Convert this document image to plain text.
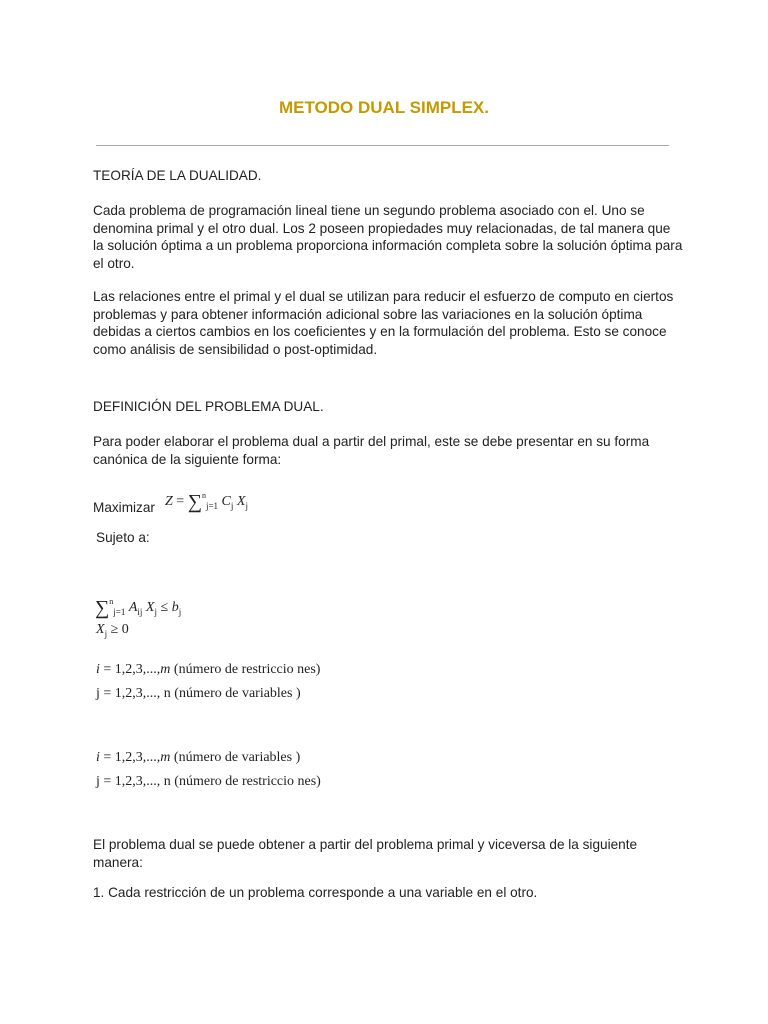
METODO DUAL SIMPLEX.

TEORÍA DE LA DUALIDAD.

Cada problema de programación lineal tiene un segundo problema asociado con el. Uno se denomina primal y el otro dual. Los 2 poseen propiedades muy relacionadas, de tal manera que la solución óptima a un problema proporciona información completa sobre la solución óptima para el otro.

Las relaciones entre el primal y el dual se utilizan para reducir el esfuerzo de computo en ciertos problemas y para obtener información adicional sobre las variaciones en la solución óptima debidas a ciertos cambios en los coeficientes y en la formulación del problema. Esto se conoce como análisis de sensibilidad o post-optimidad.

DEFINICIÓN DEL PROBLEMA DUAL.

Para poder elaborar el problema dual a partir del primal, este se debe presentar en su forma canónica de la siguiente forma:

Maximizar Z = ∑$^n_{j=1}$ $C_j$ $X_j$

Sujeto a:

∑$^n_{j=1}$ $A_{ij}$ $X_j \le b_j$
$X_j \ge 0$
i = 1,2,3,...,m (número de restriccio nes)
j = 1,2,3,..., n (número de variables )
i = 1,2,3,...,m (número de variables )
j = 1,2,3,..., n (número de restriccio nes)

El problema dual se puede obtener a partir del problema primal y viceversa de la siguiente manera:

1. Cada restricción de un problema corresponde a una variable en el otro.
